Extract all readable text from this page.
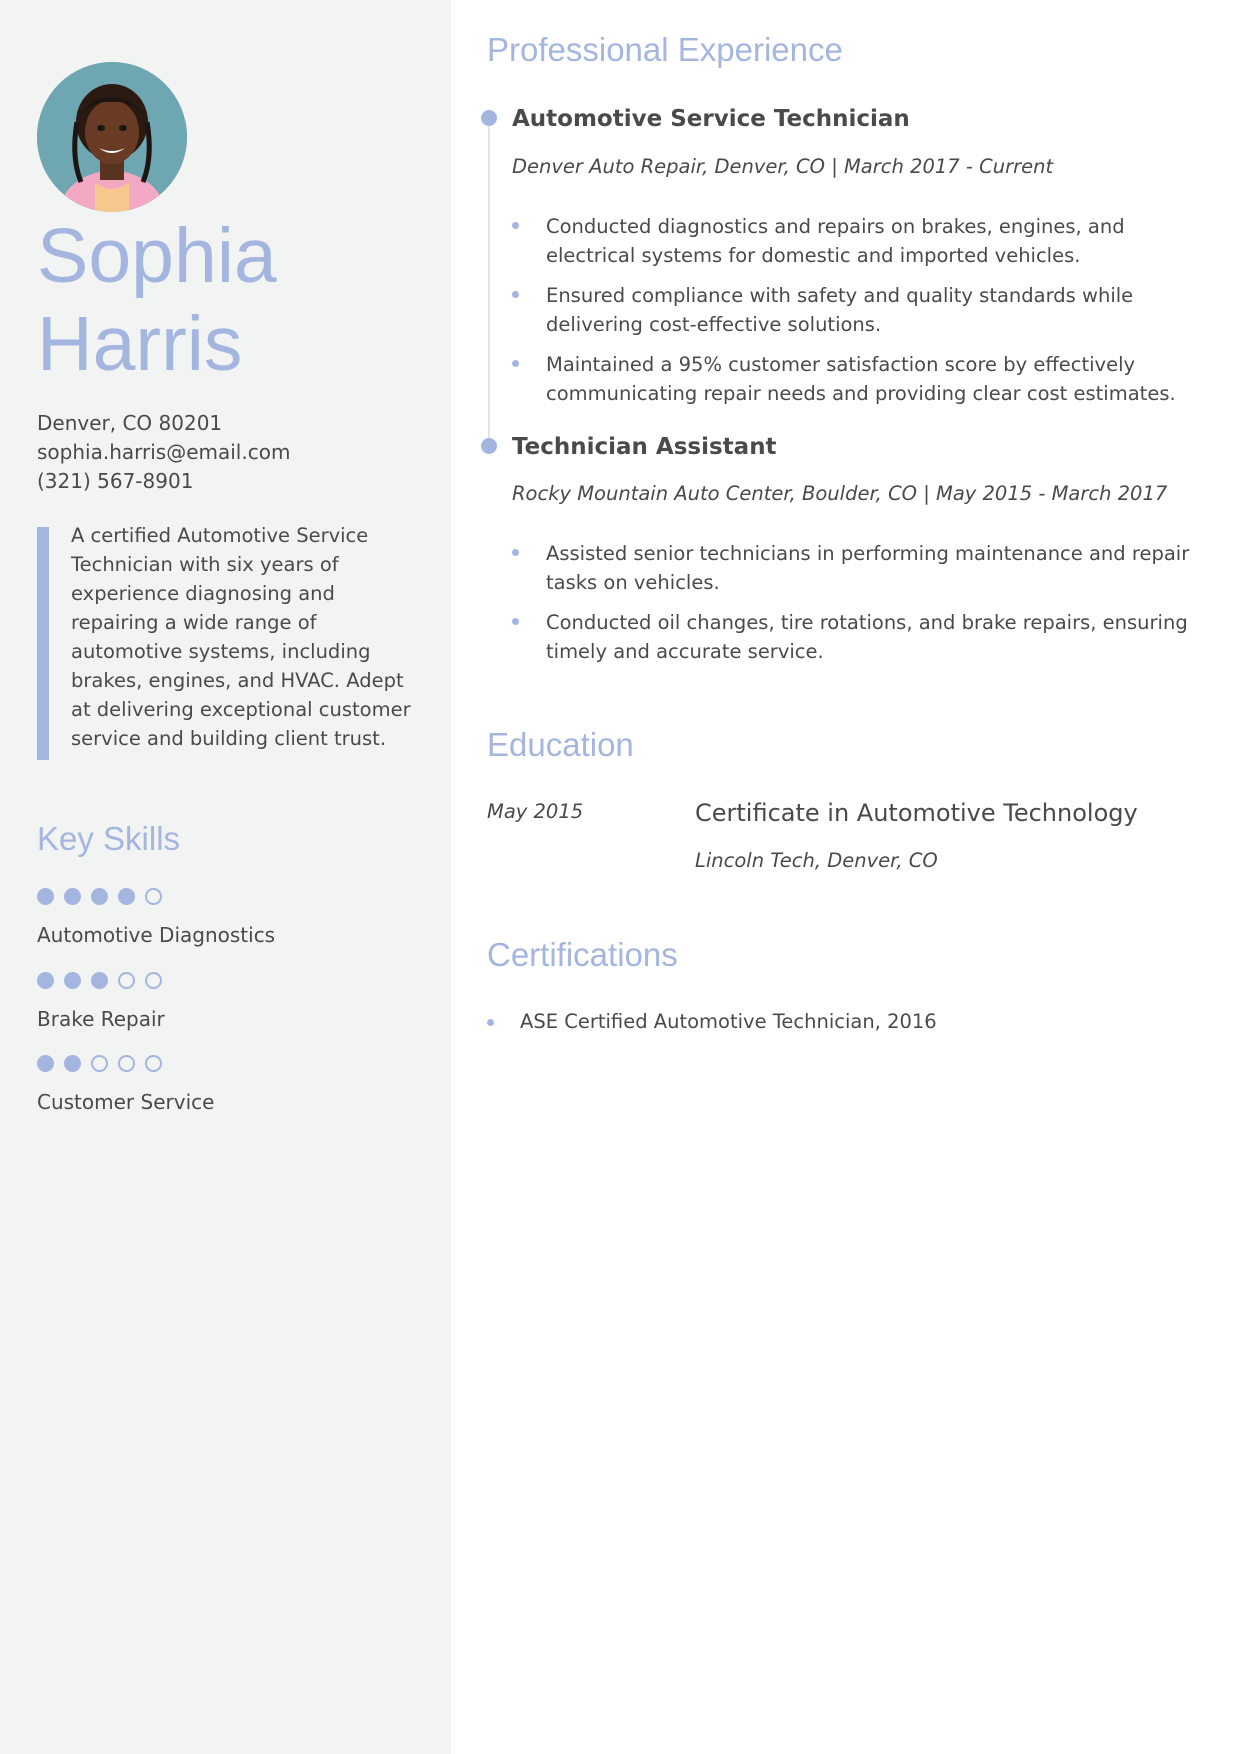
Sophia
Harris
Denver, CO 80201
sophia.harris@email.com
(321) 567-8901

A certified Automotive Service Technician with six years of experience diagnosing and repairing a wide range of automotive systems, including brakes, engines, and HVAC. Adept at delivering exceptional customer service and building client trust.

Key Skills
Automotive Diagnostics
Brake Repair
Customer Service
Professional Experience
Automotive Service Technician
Denver Auto Repair, Denver, CO | March 2017 - Current
Conducted diagnostics and repairs on brakes, engines, and electrical systems for domestic and imported vehicles.
Ensured compliance with safety and quality standards while delivering cost-effective solutions.
Maintained a 95% customer satisfaction score by effectively communicating repair needs and providing clear cost estimates.
Technician Assistant
Rocky Mountain Auto Center, Boulder, CO | May 2015 - March 2017
Assisted senior technicians in performing maintenance and repair tasks on vehicles.
Conducted oil changes, tire rotations, and brake repairs, ensuring timely and accurate service.
Education
May 2015	Certificate in Automotive Technology
Lincoln Tech, Denver, CO
Certifications
ASE Certified Automotive Technician, 2016
